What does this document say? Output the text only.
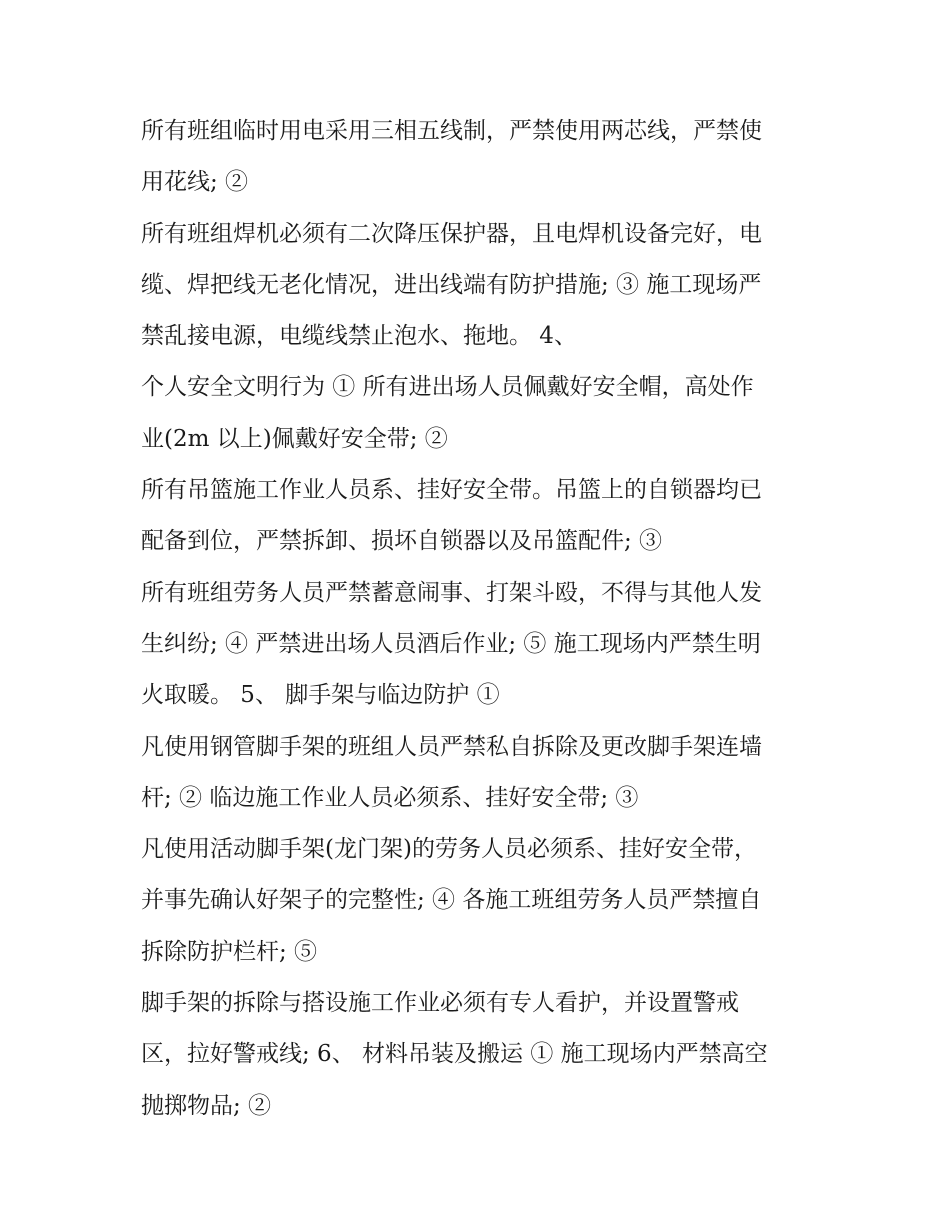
所有班组临时用电采用三相五线制，严禁使用两芯线，严禁使
用花线; ②
所有班组焊机必须有二次降压保护器，且电焊机设备完好，电
缆、焊把线无老化情况，进出线端有防护措施; ③ 施工现场严
禁乱接电源，电缆线禁止泡水、拖地。 4、
个人安全文明行为 ① 所有进出场人员佩戴好安全帽，高处作
业(2m 以上)佩戴好安全带; ②
所有吊篮施工作业人员系、挂好安全带。吊篮上的自锁器均已
配备到位，严禁拆卸、损坏自锁器以及吊篮配件; ③
所有班组劳务人员严禁蓄意闹事、打架斗殴，不得与其他人发
生纠纷; ④ 严禁进出场人员酒后作业; ⑤ 施工现场内严禁生明
火取暖。 5、 脚手架与临边防护 ①
凡使用钢管脚手架的班组人员严禁私自拆除及更改脚手架连墙
杆; ② 临边施工作业人员必须系、挂好安全带; ③
凡使用活动脚手架(龙门架)的劳务人员必须系、挂好安全带，
并事先确认好架子的完整性; ④ 各施工班组劳务人员严禁擅自
拆除防护栏杆; ⑤
脚手架的拆除与搭设施工作业必须有专人看护，并设置警戒
区，拉好警戒线; 6、 材料吊装及搬运 ① 施工现场内严禁高空
抛掷物品; ②
